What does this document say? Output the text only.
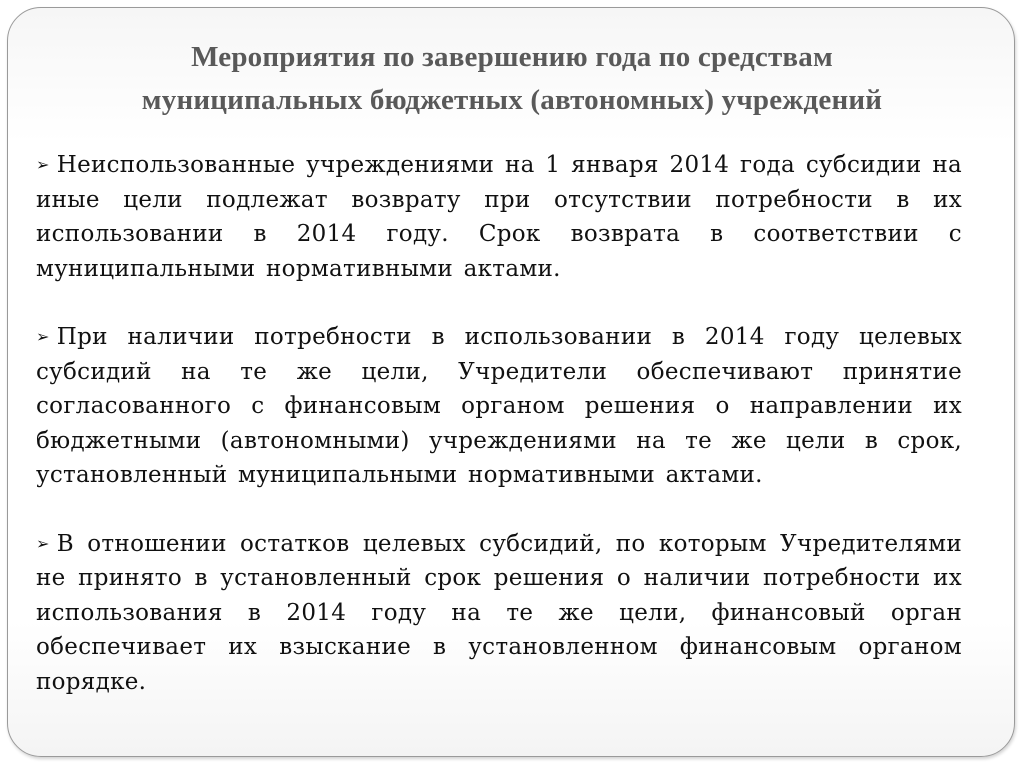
Мероприятия по завершению года по средствам
муниципальных бюджетных (автономных) учреждений

➢ Неиспользованные учреждениями на 1 января 2014 года субсидии на иные цели подлежат возврату при отсутствии потребности в их использовании в 2014 году. Срок возврата в соответствии с муниципальными нормативными актами.

➢ При наличии потребности в использовании в 2014 году целевых субсидий на те же цели, Учредители обеспечивают принятие согласованного с финансовым органом решения о направлении их бюджетными (автономными) учреждениями на те же цели в срок, установленный муниципальными нормативными актами.

➢ В отношении остатков целевых субсидий, по которым Учредителями не принято в установленный срок решения о наличии потребности их использования в 2014 году на те же цели, финансовый орган обеспечивает их взыскание в установленном финансовым органом порядке.
